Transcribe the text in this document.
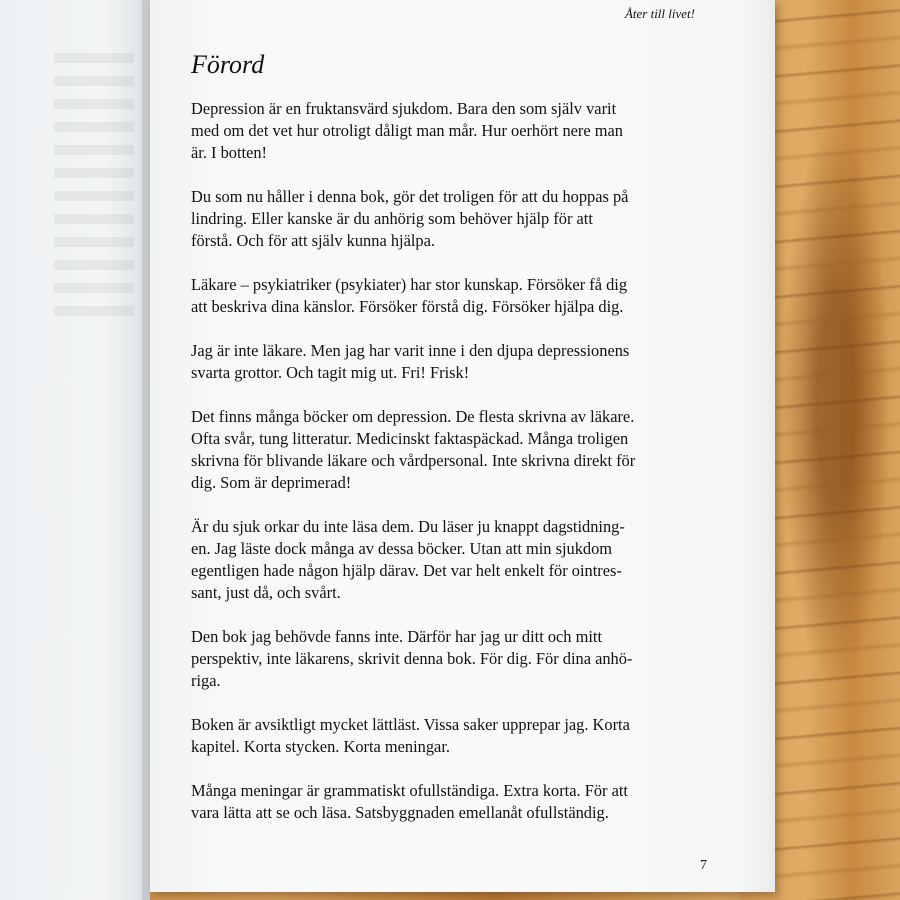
Åter till livet!
Förord

Depression är en fruktansvärd sjukdom. Bara den som själv varit
med om det vet hur otroligt dåligt man mår. Hur oerhört nere man
är. I botten!

Du som nu håller i denna bok, gör det troligen för att du hoppas på
lindring. Eller kanske är du anhörig som behöver hjälp för att
förstå. Och för att själv kunna hjälpa.

Läkare – psykiatriker (psykiater) har stor kunskap. Försöker få dig
att beskriva dina känslor. Försöker förstå dig. Försöker hjälpa dig.

Jag är inte läkare. Men jag har varit inne i den djupa depressionens
svarta grottor. Och tagit mig ut. Fri! Frisk!

Det finns många böcker om depression. De flesta skrivna av läkare.
Ofta svår, tung litteratur. Medicinskt faktaspäckad. Många troligen
skrivna för blivande läkare och vårdpersonal. Inte skrivna direkt för
dig. Som är deprimerad!

Är du sjuk orkar du inte läsa dem. Du läser ju knappt dagstidning-
en. Jag läste dock många av dessa böcker. Utan att min sjukdom
egentligen hade någon hjälp därav. Det var helt enkelt för ointres-
sant, just då, och svårt.

Den bok jag behövde fanns inte. Därför har jag ur ditt och mitt
perspektiv, inte läkarens, skrivit denna bok. För dig. För dina anhö-
riga.

Boken är avsiktligt mycket lättläst. Vissa saker upprepar jag. Korta
kapitel. Korta stycken. Korta meningar.

Många meningar är grammatiskt ofullständiga. Extra korta. För att
vara lätta att se och läsa. Satsbyggnaden emellanåt ofullständig.

7
